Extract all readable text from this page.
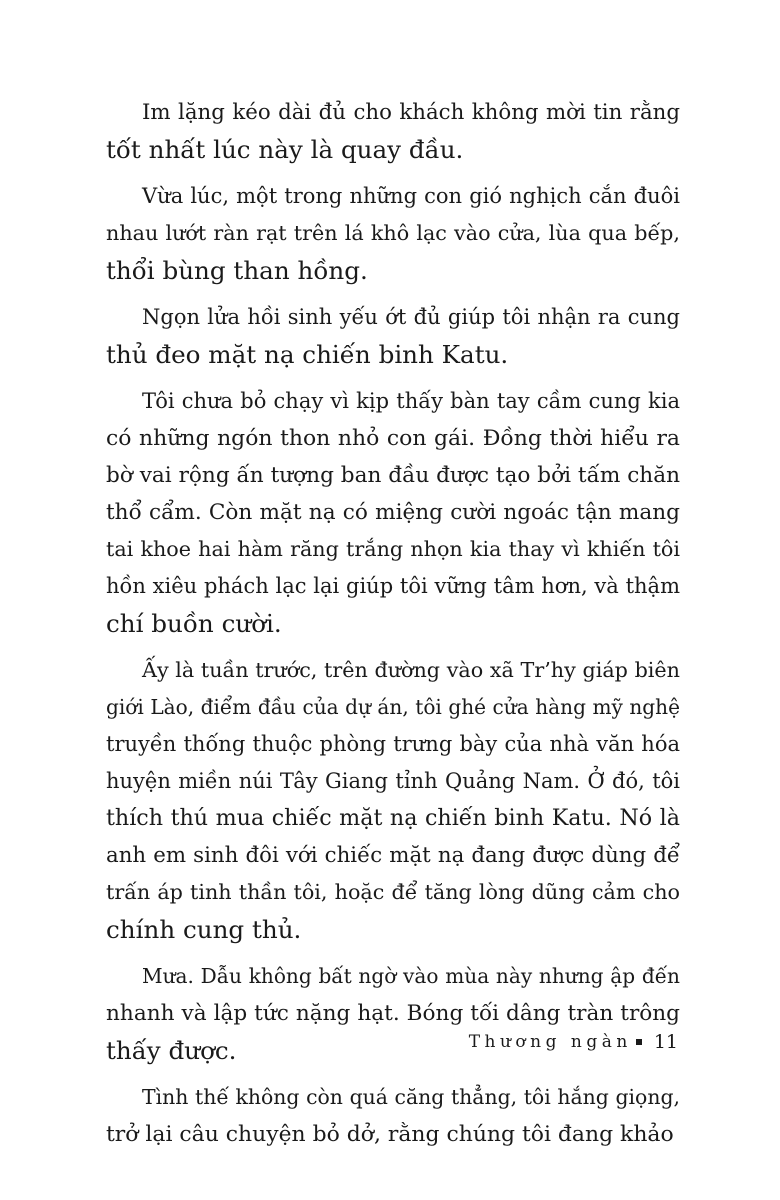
Im lặng kéo dài đủ cho khách không mời tin rằng
tốt nhất lúc này là quay đầu.
Vừa lúc, một trong những con gió nghịch cắn đuôi
nhau lướt ràn rạt trên lá khô lạc vào cửa, lùa qua bếp,
thổi bùng than hồng.
Ngọn lửa hồi sinh yếu ớt đủ giúp tôi nhận ra cung
thủ đeo mặt nạ chiến binh Katu.
Tôi chưa bỏ chạy vì kịp thấy bàn tay cầm cung kia
có những ngón thon nhỏ con gái. Đồng thời hiểu ra
bờ vai rộng ấn tượng ban đầu được tạo bởi tấm chăn
thổ cẩm. Còn mặt nạ có miệng cười ngoác tận mang
tai khoe hai hàm răng trắng nhọn kia thay vì khiến tôi
hồn xiêu phách lạc lại giúp tôi vững tâm hơn, và thậm
chí buồn cười.
Ấy là tuần trước, trên đường vào xã Tr’hy giáp biên
giới Lào, điểm đầu của dự án, tôi ghé cửa hàng mỹ nghệ
truyền thống thuộc phòng trưng bày của nhà văn hóa
huyện miền núi Tây Giang tỉnh Quảng Nam. Ở đó, tôi
thích thú mua chiếc mặt nạ chiến binh Katu. Nó là
anh em sinh đôi với chiếc mặt nạ đang được dùng để
trấn áp tinh thần tôi, hoặc để tăng lòng dũng cảm cho
chính cung thủ.
Mưa. Dẫu không bất ngờ vào mùa này nhưng ập đến
nhanh và lập tức nặng hạt. Bóng tối dâng tràn trông
thấy được.
Tình thế không còn quá căng thẳng, tôi hắng giọng,
trở lại câu chuyện bỏ dở, rằng chúng tôi đang khảo
Thương ngàn 11
